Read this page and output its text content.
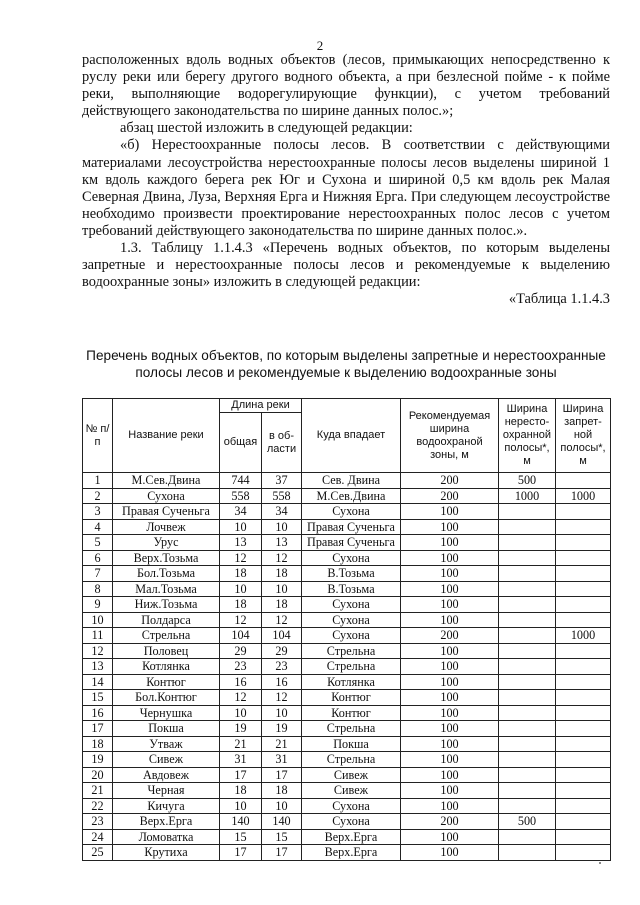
2

расположенных вдоль водных объектов (лесов, примыкающих непосредственно к руслу реки или берегу другого водного объекта, а при безлесной пойме - к пойме реки, выполняющие водорегулирующие функции), с учетом требований действующего законодательства по ширине данных полос.»;

абзац шестой изложить в следующей редакции:

«б) Нерестоохранные полосы лесов. В соответствии с действующими материалами лесоустройства нерестоохранные полосы лесов выделены шириной 1 км вдоль каждого берега рек Юг и Сухона и шириной 0,5 км вдоль рек Малая Северная Двина, Луза, Верхняя Ерга и Нижняя Ерга. При следующем лесоустройстве необходимо произвести проектирование нерестоохранных полос лесов с учетом требований действующего законодательства по ширине данных полос.».

1.3. Таблицу 1.1.4.3 «Перечень водных объектов, по которым выделены запретные и нерестоохранные полосы лесов и рекомендуемые к выделению водоохранные зоны» изложить в следующей редакции:

«Таблица 1.1.4.3

Перечень водных объектов, по которым выделены запретные и нерестоохранные
полосы лесов и рекомендуемые к выделению водоохранные зоны
№ п/п	Название реки	Длина реки		Куда впадает	Рекомендуемая ширина водоохраной зоны, м	Ширина нересто-охранной полосы*, м	Ширина запрет-ной полосы*, м
		общая	в об-ласти				
1	М.Сев.Двина	744	37	Сев. Двина	200	500	
2	Сухона	558	558	М.Сев.Двина	200	1000	1000
3	Правая Сученьга	34	34	Сухона	100		
4	Лочвеж	10	10	Правая Сученьга	100		
5	Урус	13	13	Правая Сученьга	100		
6	Верх.Тозьма	12	12	Сухона	100		
7	Бол.Тозьма	18	18	В.Тозьма	100		
8	Мал.Тозьма	10	10	В.Тозьма	100		
9	Ниж.Тозьма	18	18	Сухона	100		
10	Полдарса	12	12	Сухона	100		
11	Стрельна	104	104	Сухона	200		1000
12	Половец	29	29	Стрельна	100		
13	Котлянка	23	23	Стрельна	100		
14	Контюг	16	16	Котлянка	100		
15	Бол.Контюг	12	12	Контюг	100		
16	Чернушка	10	10	Контюг	100		
17	Покша	19	19	Стрельна	100		
18	Утваж	21	21	Покша	100		
19	Сивеж	31	31	Стрельна	100		
20	Авдовеж	17	17	Сивеж	100		
21	Черная	18	18	Сивеж	100		
22	Кичуга	10	10	Сухона	100		
23	Верх.Ерга	140	140	Сухона	200	500	
24	Ломоватка	15	15	Верх.Ерга	100		
25	Крутиха	17	17	Верх.Ерга	100		
